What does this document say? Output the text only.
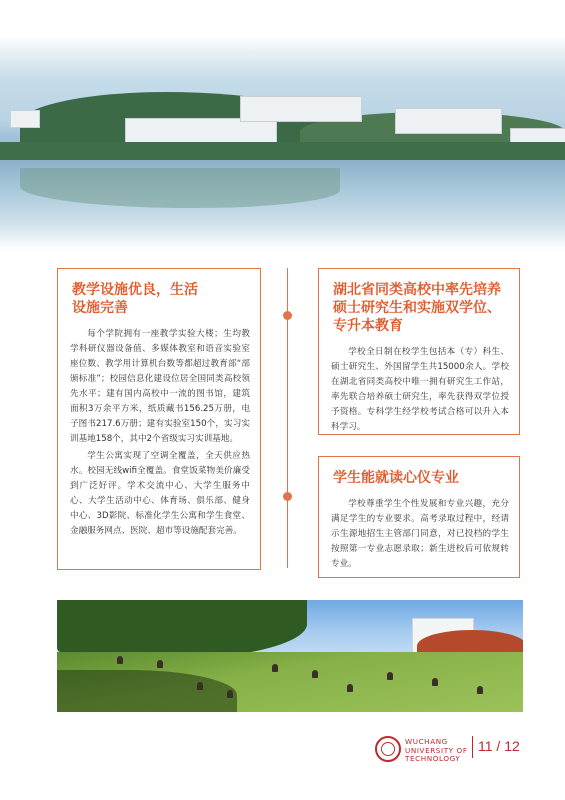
教学设施优良，生活
设施完善

每个学院拥有一座教学实验大楼；生均教学科研仪器设备值、多媒体教室和语音实验室座位数、教学用计算机台数等都超过教育部“部颁标准”；校园信息化建设位居全国同类高校领先水平；建有国内高校中一流的图书馆，建筑面积3万余平方米，纸质藏书156.25万册，电子图书217.6万册；建有实验室150个，实习实训基地158个，其中2个省级实习实训基地。

学生公寓实现了空调全覆盖，全天供应热水。校园无线wifi全覆盖。食堂饭菜物美价廉受到广泛好评。学术交流中心、大学生服务中心、大学生活动中心、体育场、俱乐部、健身中心、3D影院、标准化学生公寓和学生食堂、金融服务网点、医院、超市等设施配套完善。

湖北省同类高校中率先培养
硕士研究生和实施双学位、
专升本教育

学校全日制在校学生包括本（专）科生、硕士研究生、外国留学生共15000余人。学校在湖北省同类高校中唯一拥有研究生工作站，率先联合培养硕士研究生，率先获得双学位授予资格。专科学生经学校考试合格可以升入本科学习。

学生能就读心仪专业

学校尊重学生个性发展和专业兴趣，充分满足学生的专业要求。高考录取过程中，经请示生源地招生主管部门同意，对已投档的学生按照第一专业志愿录取；新生进校后可依规转专业。

WUCHANG
UNIVERSITY OF
TECHNOLOGY
11 / 12
